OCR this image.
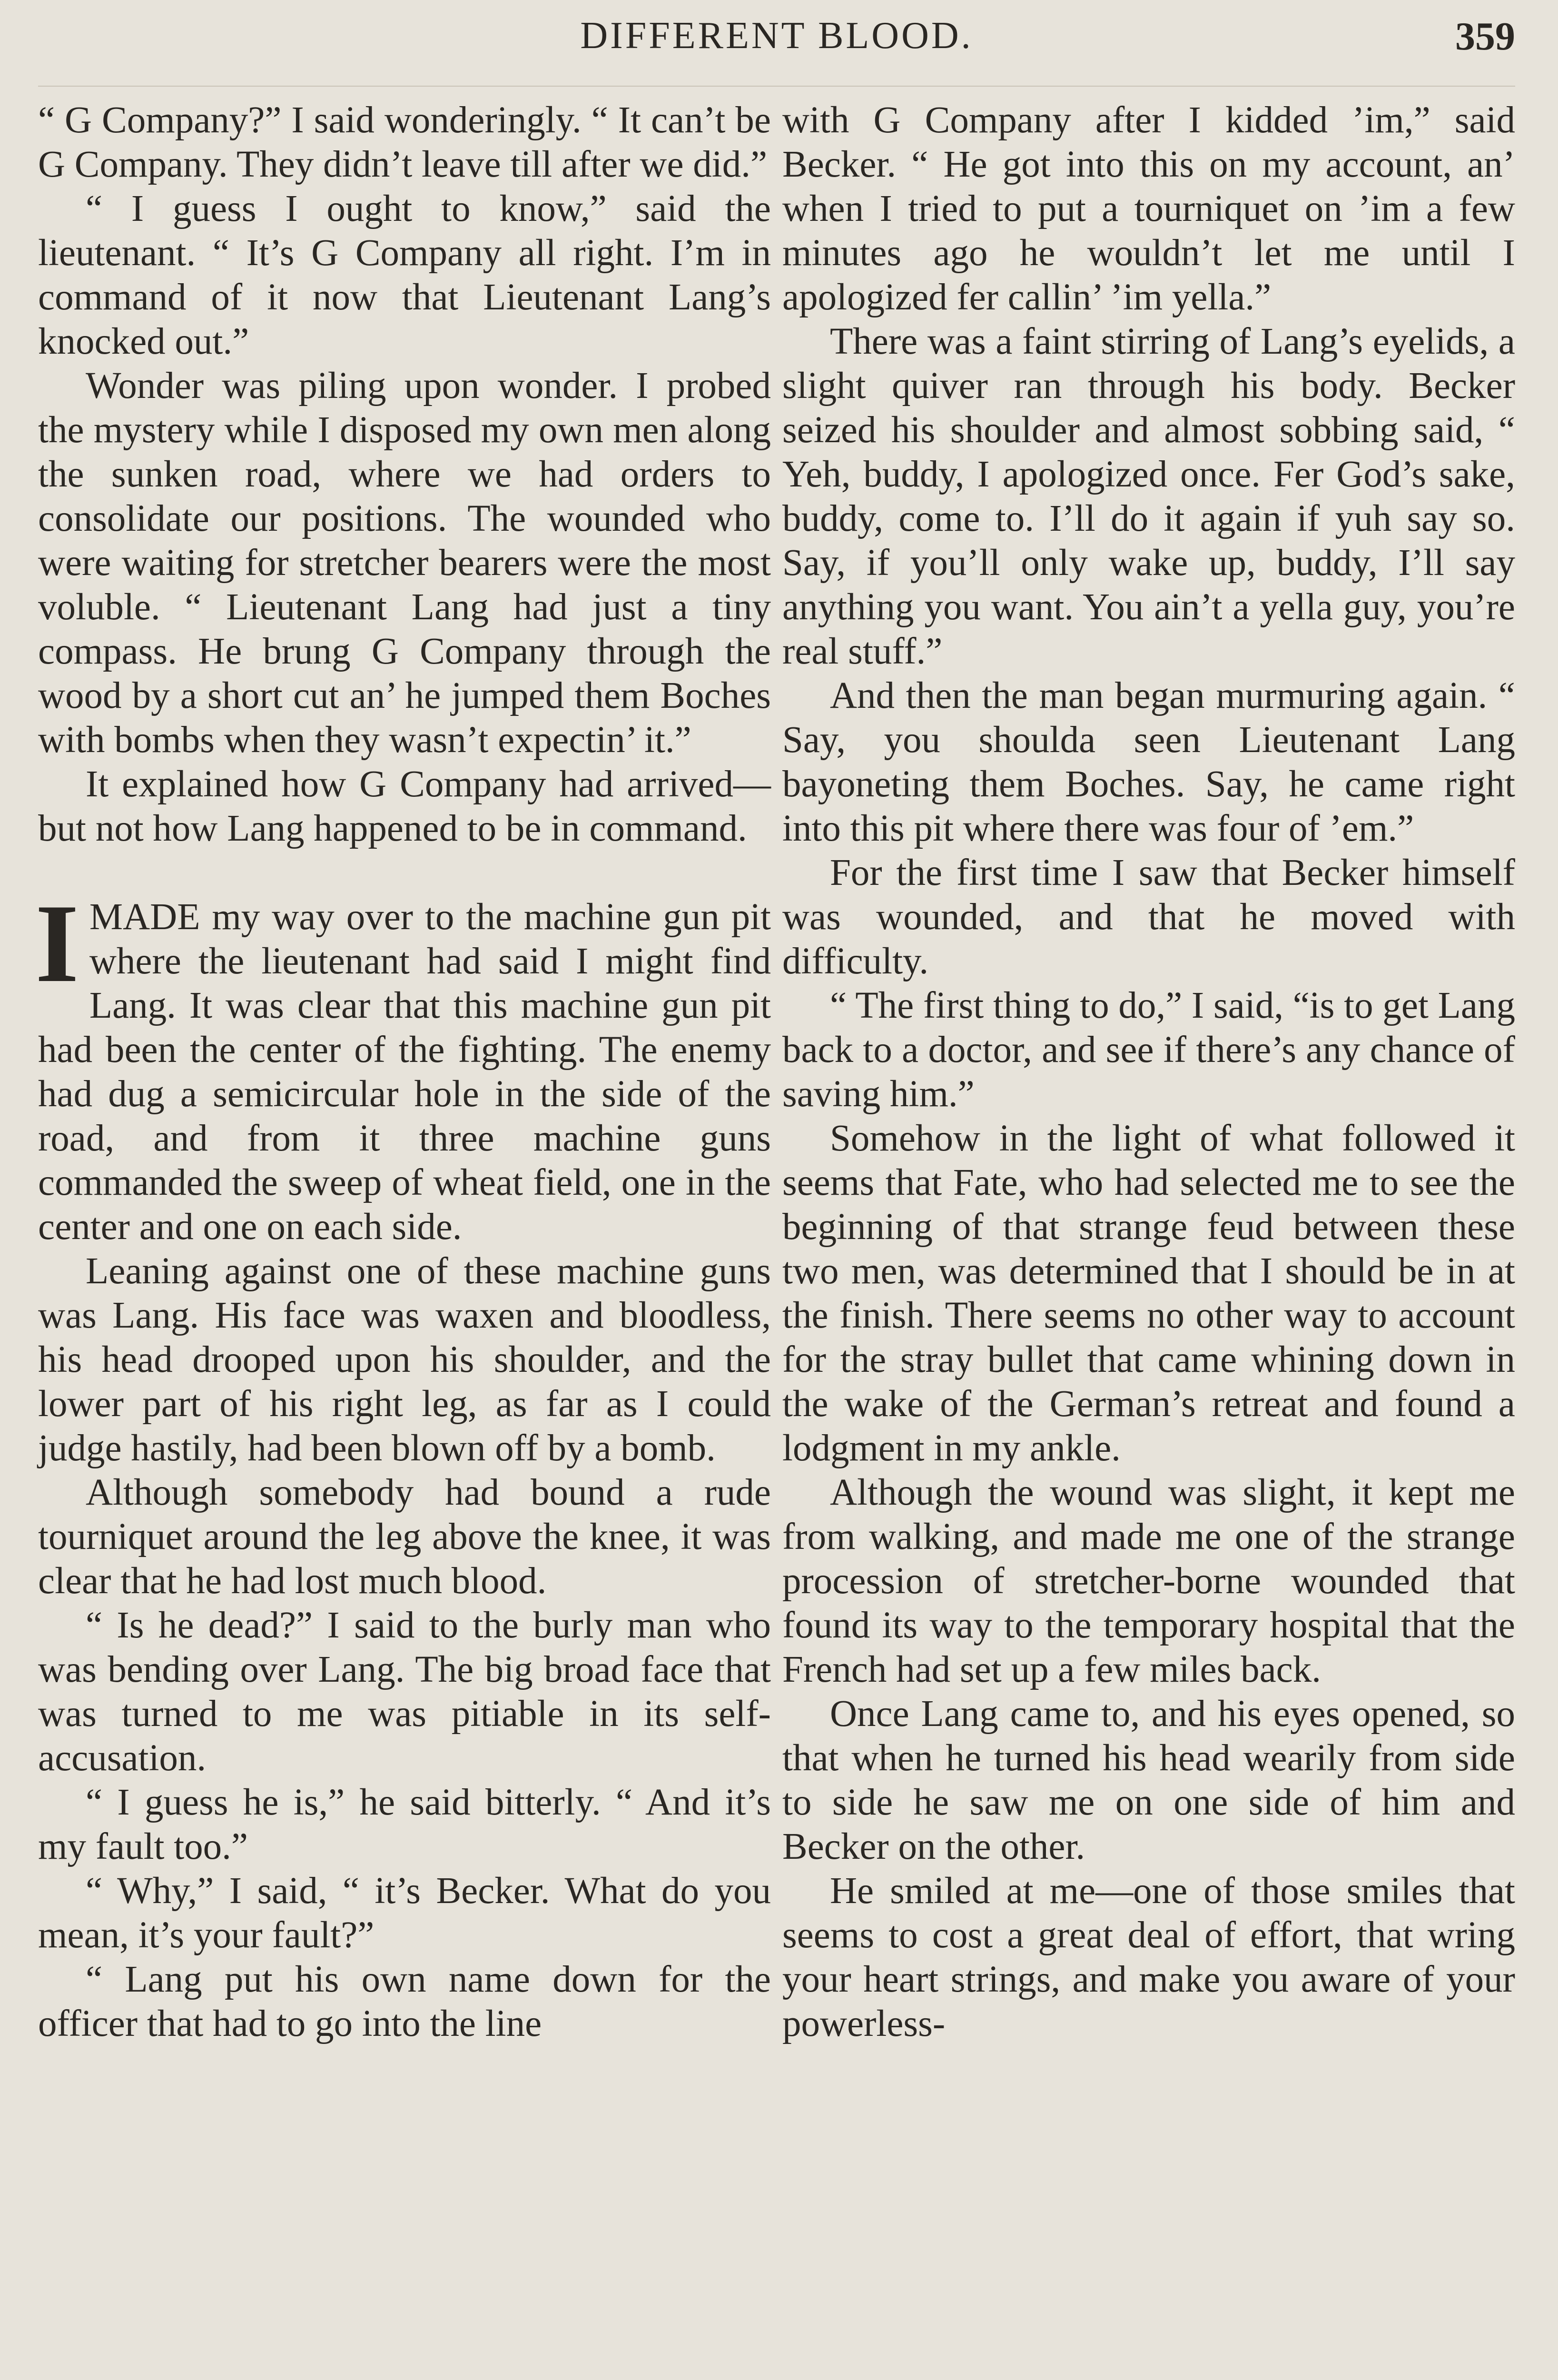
DIFFERENT BLOOD.	359

“ G Company?” I said wonderingly. “ It can’t be G Company. They didn’t leave till after we did.”

“ I guess I ought to know,” said the lieutenant. “ It’s G Company all right. I’m in command of it now that Lieutenant Lang’s knocked out.”

Wonder was piling upon wonder. I probed the mystery while I disposed my own men along the sunken road, where we had orders to consolidate our positions. The wounded who were waiting for stretcher bearers were the most voluble. “ Lieutenant Lang had just a tiny compass. He brung G Company through the wood by a short cut an’ he jumped them Boches with bombs when they wasn’t expectin’ it.”

It explained how G Company had arrived—but not how Lang happened to be in command.

IMADE my way over to the machine gun pit where the lieutenant had said I might find Lang. It was clear that this machine gun pit had been the center of the fighting. The enemy had dug a semicircular hole in the side of the road, and from it three machine guns commanded the sweep of wheat field, one in the center and one on each side.

Leaning against one of these machine guns was Lang. His face was waxen and bloodless, his head drooped upon his shoulder, and the lower part of his right leg, as far as I could judge hastily, had been blown off by a bomb.

Although somebody had bound a rude tourniquet around the leg above the knee, it was clear that he had lost much blood.

“ Is he dead?” I said to the burly man who was bending over Lang. The big broad face that was turned to me was pitiable in its self-accusation.

“ I guess he is,” he said bitterly. “ And it’s my fault too.”

“ Why,” I said, “ it’s Becker. What do you mean, it’s your fault?”

“ Lang put his own name down for the officer that had to go into the line

with G Company after I kidded ’im,” said Becker. “ He got into this on my account, an’ when I tried to put a tourniquet on ’im a few minutes ago he wouldn’t let me until I apologized fer callin’ ’im yella.”

There was a faint stirring of Lang’s eyelids, a slight quiver ran through his body. Becker seized his shoulder and almost sobbing said, “ Yeh, buddy, I apologized once. Fer God’s sake, buddy, come to. I’ll do it again if yuh say so. Say, if you’ll only wake up, buddy, I’ll say anything you want. You ain’t a yella guy, you’re real stuff.”

And then the man began murmuring again. “ Say, you shoulda seen Lieutenant Lang bayoneting them Boches. Say, he came right into this pit where there was four of ’em.”

For the first time I saw that Becker himself was wounded, and that he moved with difficulty.

“ The first thing to do,” I said, “is to get Lang back to a doctor, and see if there’s any chance of saving him.”

Somehow in the light of what followed it seems that Fate, who had selected me to see the beginning of that strange feud between these two men, was determined that I should be in at the finish. There seems no other way to account for the stray bullet that came whining down in the wake of the German’s retreat and found a lodgment in my ankle.

Although the wound was slight, it kept me from walking, and made me one of the strange procession of stretcher-borne wounded that found its way to the temporary hospital that the French had set up a few miles back.

Once Lang came to, and his eyes opened, so that when he turned his head wearily from side to side he saw me on one side of him and Becker on the other.

He smiled at me—one of those smiles that seems to cost a great deal of effort, that wring your heart strings, and make you aware of your powerless-
